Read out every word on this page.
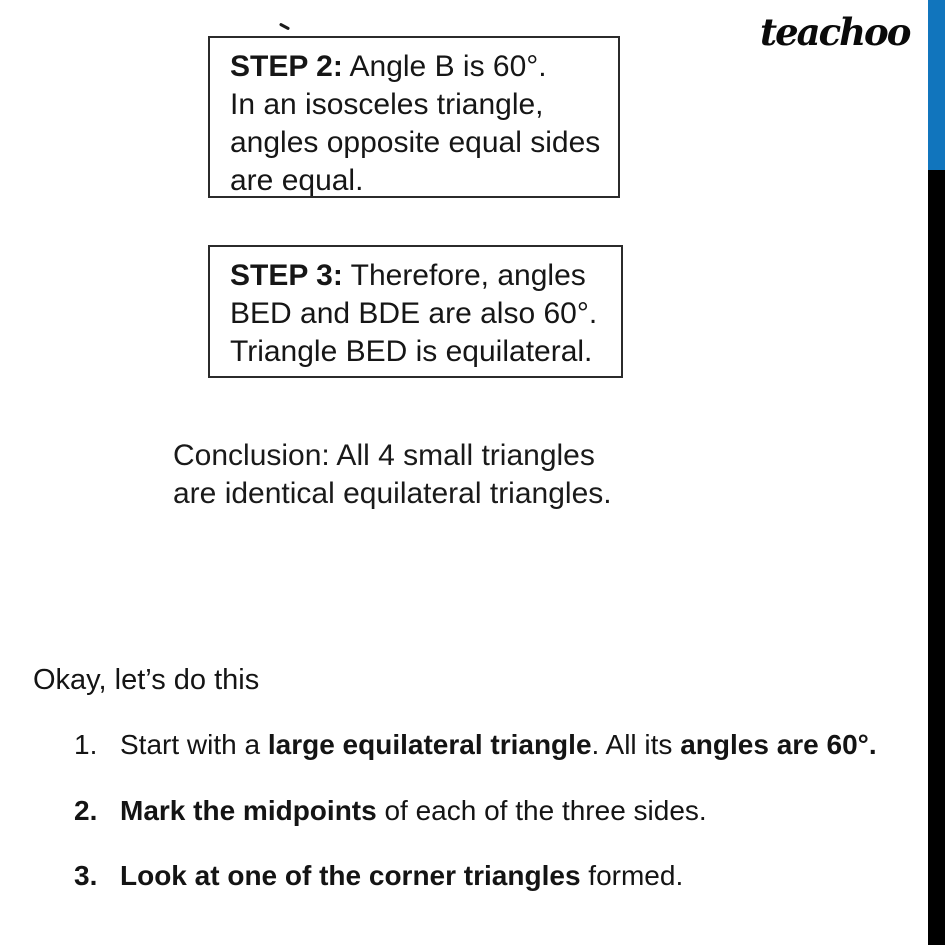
teachoo
STEP 2: Angle B is 60°.
In an isosceles triangle,
angles opposite equal sides
are equal.
STEP 3: Therefore, angles
BED and BDE are also 60°.
Triangle BED is equilateral.
Conclusion: All 4 small triangles
are identical equilateral triangles.
Okay, let’s do this
1. Start with a large equilateral triangle. All its angles are 60°.
2. Mark the midpoints of each of the three sides.
3. Look at one of the corner triangles formed.
